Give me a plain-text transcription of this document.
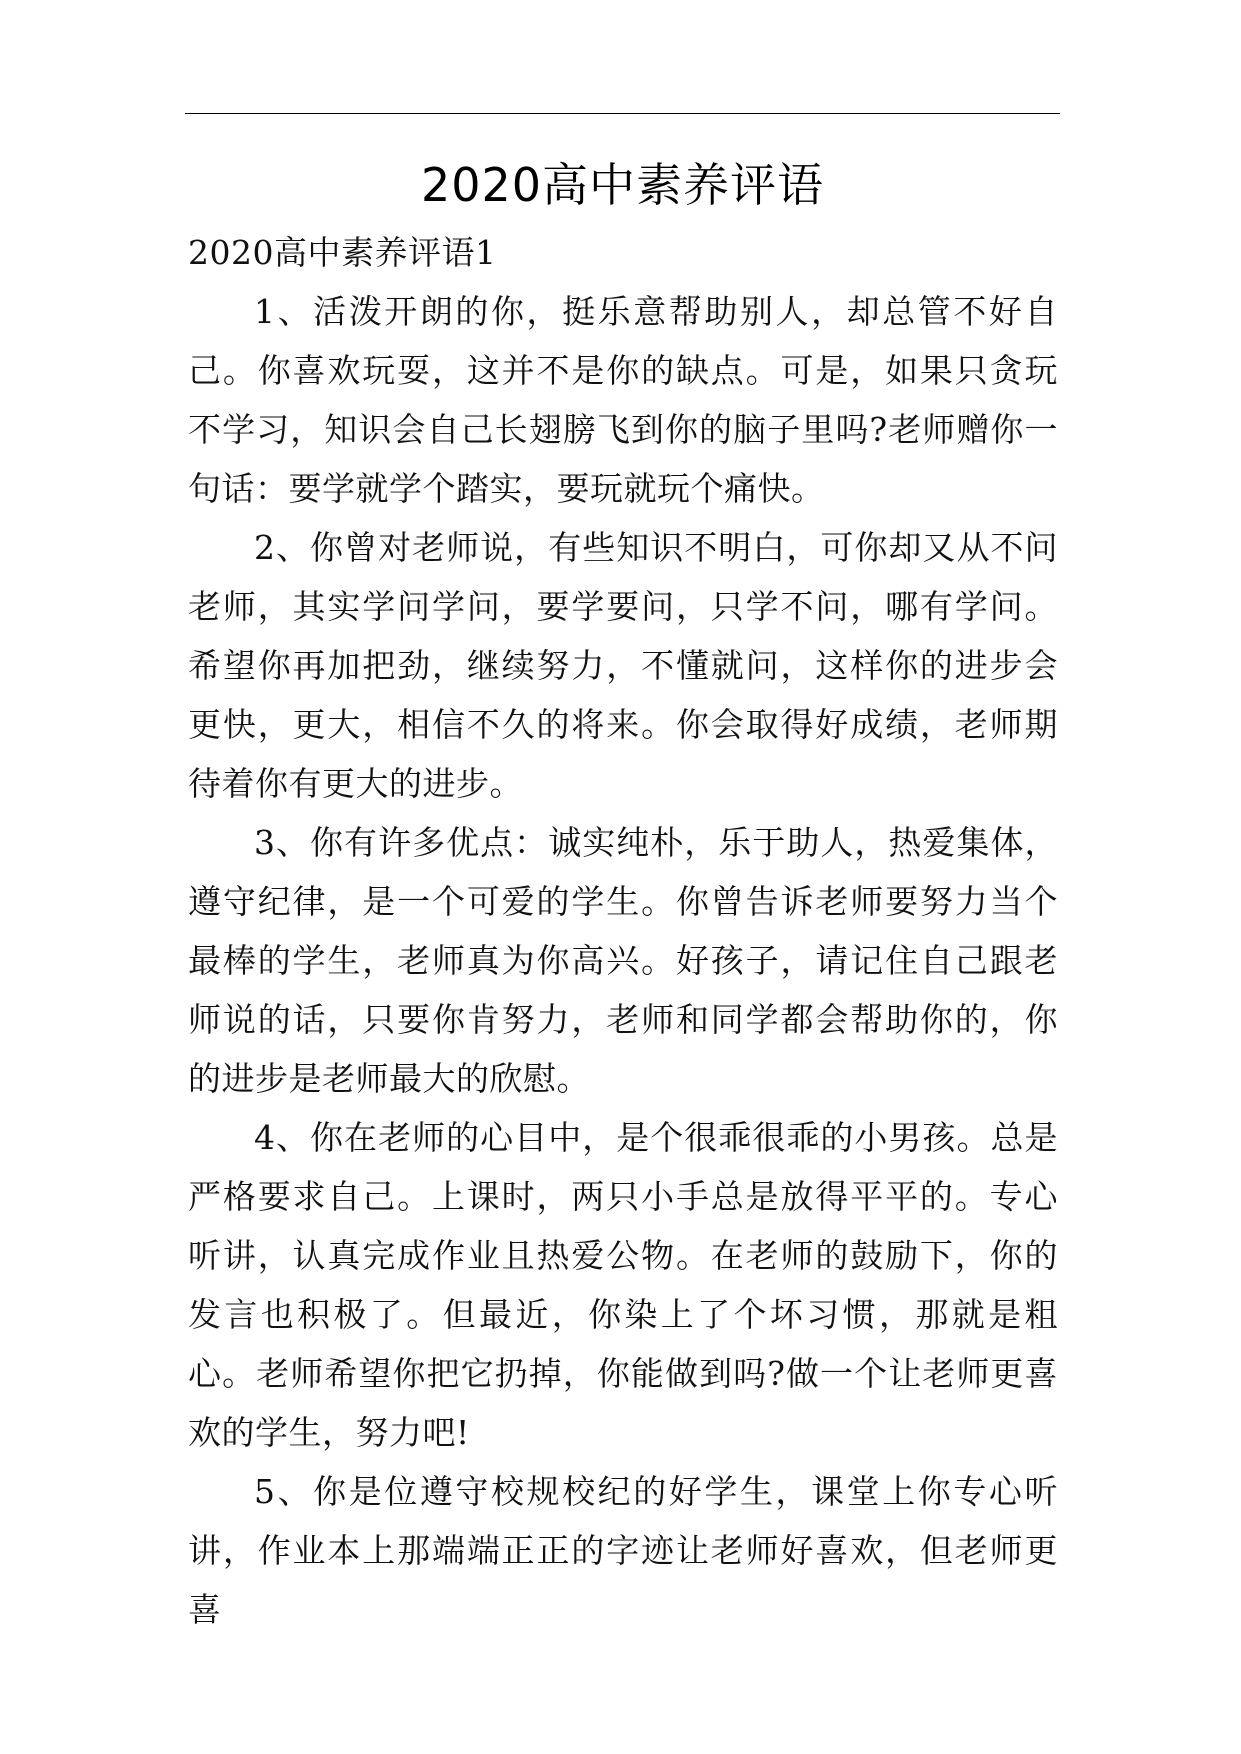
2020高中素养评语

2020高中素养评语1

1、活泼开朗的你，挺乐意帮助别人，却总管不好自己。你喜欢玩耍，这并不是你的缺点。可是，如果只贪玩不学习，知识会自己长翅膀飞到你的脑子里吗?老师赠你一句话：要学就学个踏实，要玩就玩个痛快。

2、你曾对老师说，有些知识不明白，可你却又从不问老师，其实学问学问，要学要问，只学不问，哪有学问。希望你再加把劲，继续努力，不懂就问，这样你的进步会更快，更大，相信不久的将来。你会取得好成绩，老师期待着你有更大的进步。

3、你有许多优点：诚实纯朴，乐于助人，热爱集体，遵守纪律，是一个可爱的学生。你曾告诉老师要努力当个最棒的学生，老师真为你高兴。好孩子，请记住自己跟老师说的话，只要你肯努力，老师和同学都会帮助你的，你的进步是老师最大的欣慰。

4、你在老师的心目中，是个很乖很乖的小男孩。总是严格要求自己。上课时，两只小手总是放得平平的。专心听讲，认真完成作业且热爱公物。在老师的鼓励下，你的发言也积极了。但最近，你染上了个坏习惯，那就是粗心。老师希望你把它扔掉，你能做到吗?做一个让老师更喜欢的学生，努力吧!

5、你是位遵守校规校纪的好学生，课堂上你专心听讲，作业本上那端端正正的字迹让老师好喜欢，但老师更喜
